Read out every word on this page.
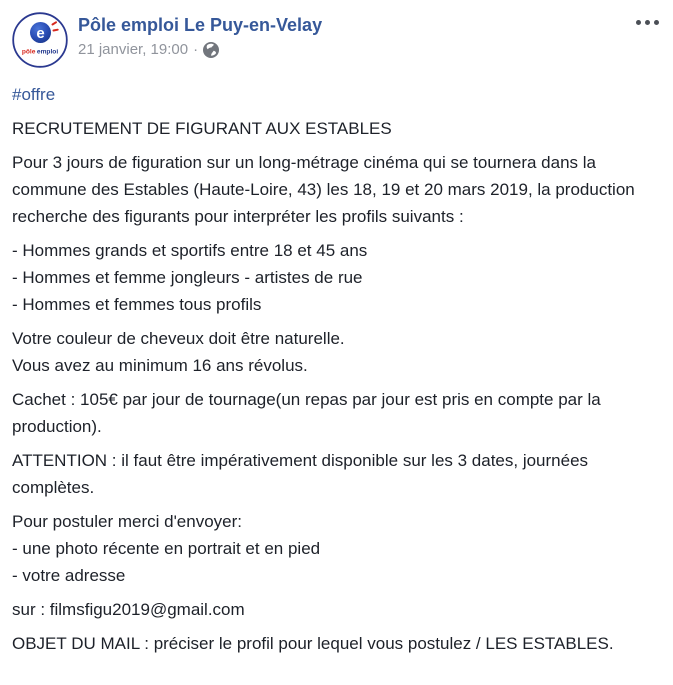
e
pôle emploi
Pôle emploi Le Puy-en-Velay
21 janvier, 19:00 ·
#offre
RECRUTEMENT DE FIGURANT AUX ESTABLES
Pour 3 jours de figuration sur un long-métrage cinéma qui se tournera dans la commune des Estables (Haute-Loire, 43) les 18, 19 et 20 mars 2019, la production recherche des figurants pour interpréter les profils suivants :
- Hommes grands et sportifs entre 18 et 45 ans
- Hommes et femme jongleurs - artistes de rue
- Hommes et femmes tous profils
Votre couleur de cheveux doit être naturelle.
Vous avez au minimum 16 ans révolus.
Cachet : 105€ par jour de tournage(un repas par jour est pris en compte par la production).
ATTENTION : il faut être impérativement disponible sur les 3 dates, journées complètes.
Pour postuler merci d'envoyer:
- une photo récente en portrait et en pied
- votre adresse
sur : filmsfigu2019@gmail.com
OBJET DU MAIL : préciser le profil pour lequel vous postulez / LES ESTABLES.
